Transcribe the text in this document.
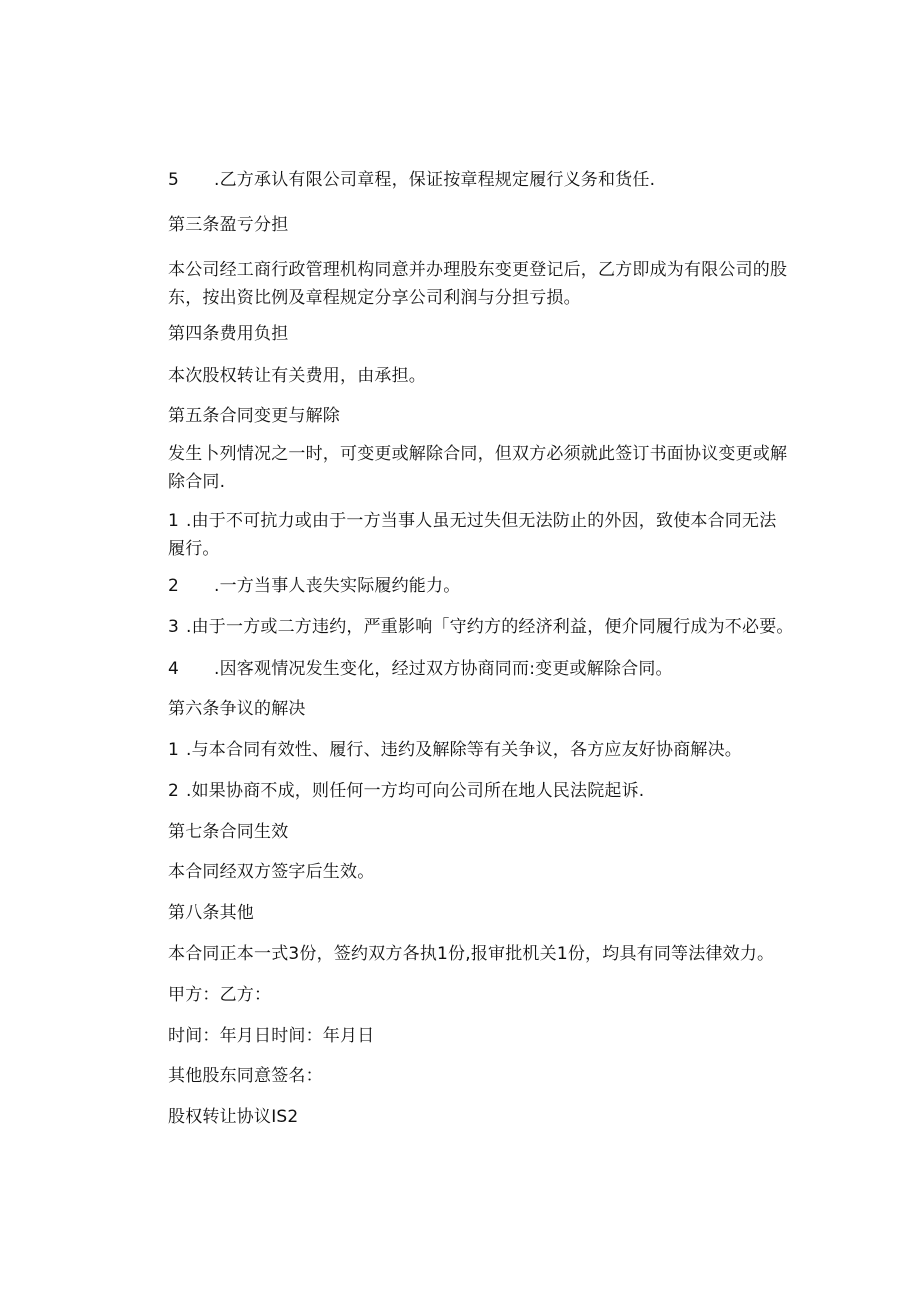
5 .乙方承认有限公司章程，保证按章程规定履行义务和货任.
第三条盈亏分担
本公司经工商行政管理机构同意并办理股东变更登记后，乙方即成为有限公司的股东，按出资比例及章程规定分享公司利润与分担亏损。
第四条费用负担
本次股权转让有关费用，由承担。
第五条合同变更与解除
发生卜列情况之一时，可变更或解除合同，但双方必须就此签订书面协议变更或解除合同.
1 .由于不可抗力或由于一方当事人虽无过失但无法防止的外因，致使本合同无法履行。
2 .一方当事人丧失实际履约能力。
3 .由于一方或二方违约，严重影响「守约方的经济利益，便介同履行成为不必要。
4 .因客观情况发生变化，经过双方协商同而:变更或解除合同。
第六条争议的解决
1 .与本合同有效性、履行、违约及解除等有关争议，各方应友好协商解决。
2 .如果协商不成，则任何一方均可向公司所在地人民法院起诉.
第七条合同生效
本合同经双方签字后生效。
第八条其他
本合同正本一式3份，签约双方各执1份,报审批机关1份，均具有同等法律效力。
甲方：乙方：
时间：年月日时间：年月日
其他股东同意签名：
股权转让协议IS2
